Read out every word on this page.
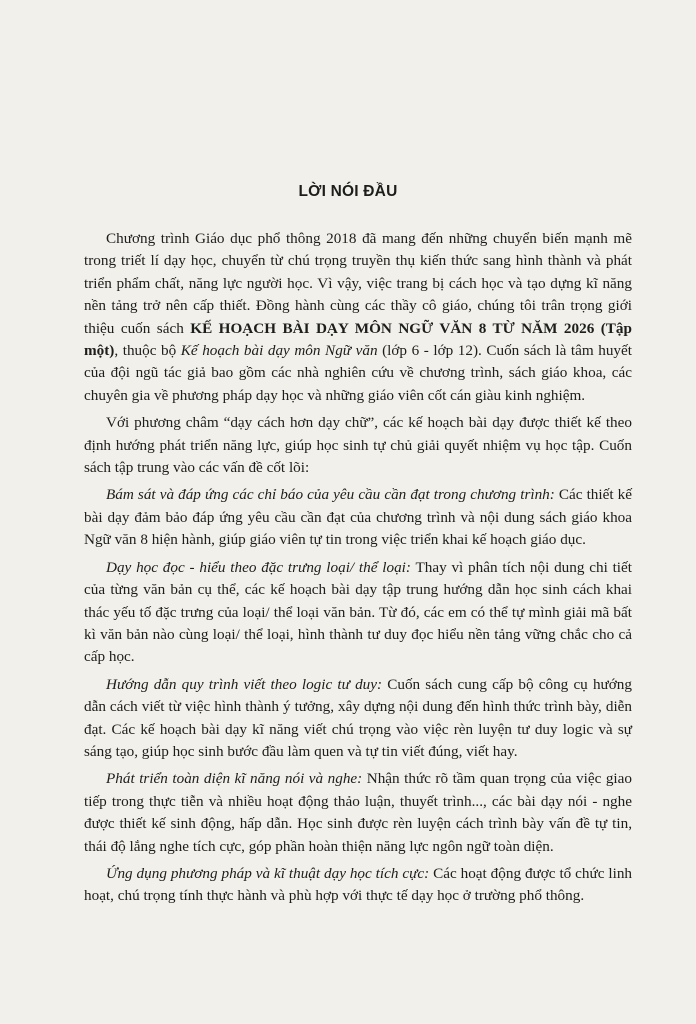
LỜI NÓI ĐẦU

Chương trình Giáo dục phổ thông 2018 đã mang đến những chuyển biến mạnh mẽ trong triết lí dạy học, chuyển từ chú trọng truyền thụ kiến thức sang hình thành và phát triển phẩm chất, năng lực người học. Vì vậy, việc trang bị cách học và tạo dựng kĩ năng nền tảng trở nên cấp thiết. Đồng hành cùng các thầy cô giáo, chúng tôi trân trọng giới thiệu cuốn sách KẾ HOẠCH BÀI DẠY MÔN NGỮ VĂN 8 TỪ NĂM 2026 (Tập một), thuộc bộ Kế hoạch bài dạy môn Ngữ văn (lớp 6 - lớp 12). Cuốn sách là tâm huyết của đội ngũ tác giả bao gồm các nhà nghiên cứu về chương trình, sách giáo khoa, các chuyên gia về phương pháp dạy học và những giáo viên cốt cán giàu kinh nghiệm.

Với phương châm “dạy cách hơn dạy chữ”, các kế hoạch bài dạy được thiết kế theo định hướng phát triển năng lực, giúp học sinh tự chủ giải quyết nhiệm vụ học tập. Cuốn sách tập trung vào các vấn đề cốt lõi:

Bám sát và đáp ứng các chỉ báo của yêu cầu cần đạt trong chương trình: Các thiết kế bài dạy đảm bảo đáp ứng yêu cầu cần đạt của chương trình và nội dung sách giáo khoa Ngữ văn 8 hiện hành, giúp giáo viên tự tin trong việc triển khai kế hoạch giáo dục.

Dạy học đọc - hiểu theo đặc trưng loại/ thể loại: Thay vì phân tích nội dung chi tiết của từng văn bản cụ thể, các kế hoạch bài dạy tập trung hướng dẫn học sinh cách khai thác yếu tố đặc trưng của loại/ thể loại văn bản. Từ đó, các em có thể tự mình giải mã bất kì văn bản nào cùng loại/ thể loại, hình thành tư duy đọc hiểu nền tảng vững chắc cho cả cấp học.

Hướng dẫn quy trình viết theo logic tư duy: Cuốn sách cung cấp bộ công cụ hướng dẫn cách viết từ việc hình thành ý tưởng, xây dựng nội dung đến hình thức trình bày, diễn đạt. Các kế hoạch bài dạy kĩ năng viết chú trọng vào việc rèn luyện tư duy logic và sự sáng tạo, giúp học sinh bước đầu làm quen và tự tin viết đúng, viết hay.

Phát triển toàn diện kĩ năng nói và nghe: Nhận thức rõ tầm quan trọng của việc giao tiếp trong thực tiễn và nhiều hoạt động thảo luận, thuyết trình..., các bài dạy nói - nghe được thiết kế sinh động, hấp dẫn. Học sinh được rèn luyện cách trình bày vấn đề tự tin, thái độ lắng nghe tích cực, góp phần hoàn thiện năng lực ngôn ngữ toàn diện.

Ứng dụng phương pháp và kĩ thuật dạy học tích cực: Các hoạt động được tổ chức linh hoạt, chú trọng tính thực hành và phù hợp với thực tế dạy học ở trường phổ thông.
